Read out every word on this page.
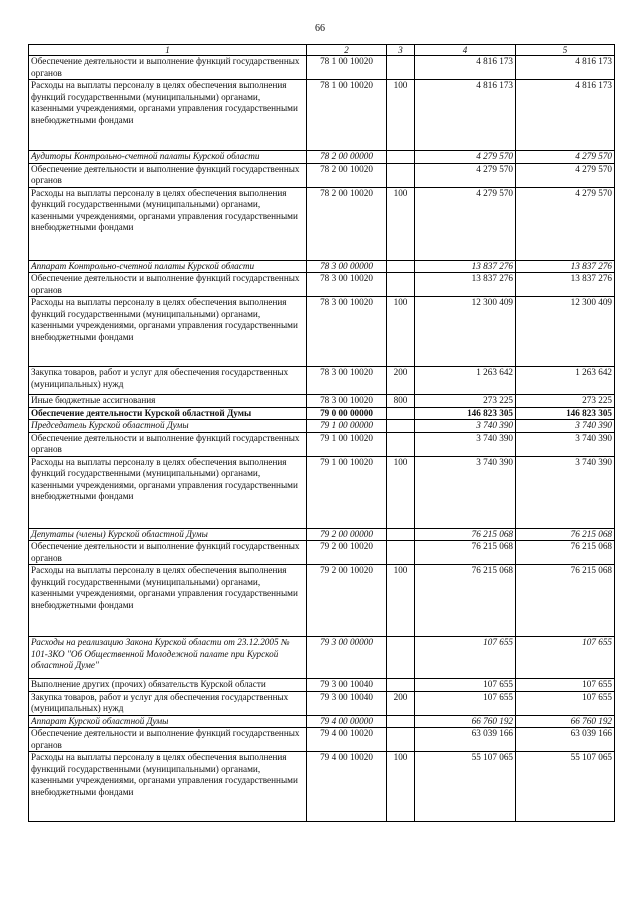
66
1	2	3	4	5
Обеспечение деятельности и выполнение функций государственных органов	78 1 00 10020		4 816 173	4 816 173
Расходы на выплаты персоналу в целях обеспечения выполнения функций государственными (муниципальными) органами, казенными учреждениями, органами управления государственными внебюджетными фондами	78 1 00 10020	100	4 816 173	4 816 173
Аудиторы Контрольно-счетной палаты Курской области	78 2 00 00000		4 279 570	4 279 570
Обеспечение деятельности и выполнение функций государственных органов	78 2 00 10020		4 279 570	4 279 570
Расходы на выплаты персоналу в целях обеспечения выполнения функций государственными (муниципальными) органами, казенными учреждениями, органами управления государственными внебюджетными фондами	78 2 00 10020	100	4 279 570	4 279 570
Аппарат Контрольно-счетной палаты Курской области	78 3 00 00000		13 837 276	13 837 276
Обеспечение деятельности и выполнение функций государственных органов	78 3 00 10020		13 837 276	13 837 276
Расходы на выплаты персоналу в целях обеспечения выполнения функций государственными (муниципальными) органами, казенными учреждениями, органами управления государственными внебюджетными фондами	78 3 00 10020	100	12 300 409	12 300 409
Закупка товаров, работ и услуг для обеспечения государственных (муниципальных) нужд	78 3 00 10020	200	1 263 642	1 263 642
Иные бюджетные ассигнования	78 3 00 10020	800	273 225	273 225
Обеспечение деятельности Курской областной Думы	79 0 00 00000		146 823 305	146 823 305
Председатель Курской областной Думы	79 1 00 00000		3 740 390	3 740 390
Обеспечение деятельности и выполнение функций государственных органов	79 1 00 10020		3 740 390	3 740 390
Расходы на выплаты персоналу в целях обеспечения выполнения функций государственными (муниципальными) органами, казенными учреждениями, органами управления государственными внебюджетными фондами	79 1 00 10020	100	3 740 390	3 740 390
Депутаты (члены) Курской областной Думы	79 2 00 00000		76 215 068	76 215 068
Обеспечение деятельности и выполнение функций государственных органов	79 2 00 10020		76 215 068	76 215 068
Расходы на выплаты персоналу в целях обеспечения выполнения функций государственными (муниципальными) органами, казенными учреждениями, органами управления государственными внебюджетными фондами	79 2 00 10020	100	76 215 068	76 215 068
Расходы на реализацию Закона Курской области от 23.12.2005 № 101-ЗКО "Об Общественной Молодежной палате при Курской областной Думе"	79 3 00 00000		107 655	107 655
Выполнение других (прочих) обязательств Курской области	79 3 00 10040		107 655	107 655
Закупка товаров, работ и услуг для обеспечения государственных (муниципальных) нужд	79 3 00 10040	200	107 655	107 655
Аппарат Курской областной Думы	79 4 00 00000		66 760 192	66 760 192
Обеспечение деятельности и выполнение функций государственных органов	79 4 00 10020		63 039 166	63 039 166
Расходы на выплаты персоналу в целях обеспечения выполнения функций государственными (муниципальными) органами, казенными учреждениями, органами управления государственными внебюджетными фондами	79 4 00 10020	100	55 107 065	55 107 065
